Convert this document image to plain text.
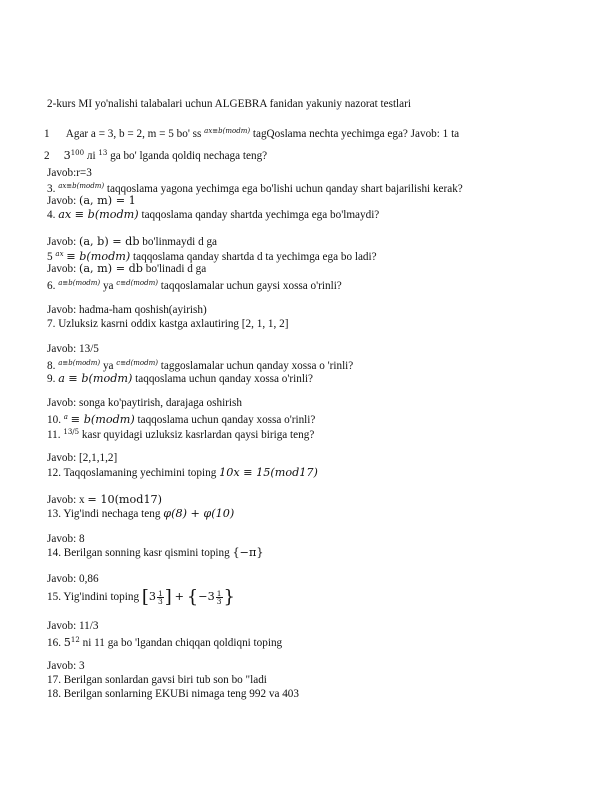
2-kurs MI yo'nalishi talabalari uchun ALGEBRA fanidan yakuniy nazorat testlari
1 Agar a = 3, b = 2, m = 5 bo' ss $^{ax\equiv b(modm)}$ tagQoslama nechta yechimga ega? Javob: 1 ta
2 $3^{100}$ лi $^{13}$ ga bo' lganda qoldiq nechaga teng?
Javob:r=3
3. $^{ax\equiv b(modm)}$ taqqoslama yagona yechimga ega bo'lishi uchun qanday shart bajarilishi kerak?
Javob: (a, m) = 1
4. ax ≡ b(modm) taqqoslama qanday shartda yechimga ega bo'lmaydi?
Javob: (a, b) = db bo'linmaydi d ga
5 $^{ax}$ ≡ b(modm) taqqoslama qanday shartda d ta yechimga ega bo ladi?
Javob: (a, m) = db bo'linadi d ga
6. $^{a\equiv b(modm)}$ ya $^{c\equiv d(modm)}$ taqqoslamalar uchun gaysi xossa o'rinli?
Javob: hadma-ham qoshish(ayirish)
7. Uzluksiz kasrni oddix kastga axlautiring [2, 1, 1, 2]
Javob: 13/5
8. $^{a\equiv b(modm)}$ ya $^{c\equiv d(modm)}$ taggoslamalar uchun qanday xossa o 'rinli?
9. a ≡ b(modm) taqqoslama uchun qanday xossa o'rinli?
Javob: songa ko'paytirish, darajaga oshirish
10. $^a$ ≡ b(modm) taqqoslama uchun qanday xossa o'rinli?
11. $^{13/5}$ kasr quyidagi uzluksiz kasrlardan qaysi biriga teng?
Javob: [2,1,1,2]
12. Taqqoslamaning yechimini toping 10x ≡ 15(mod17)
Javob: x = 10(mod17)
13. Yig'indi nechaga teng φ(8) + φ(10)
Javob: 8
14. Berilgan sonning kasr qismini toping {−π}
Javob: 0,86
15. Yig'indini toping $[3 \frac{1}{3}] + \{-3 \frac{1}{3}\}$
Javob: 11/3
16. $5^{12}$ ni 11 ga bo 'lgandan chiqqan qoldiqni toping
Javob: 3
17. Berilgan sonlardan gavsi biri tub son bo "ladi
18. Berilgan sonlarning EKUBi nimaga teng 992 va 403
